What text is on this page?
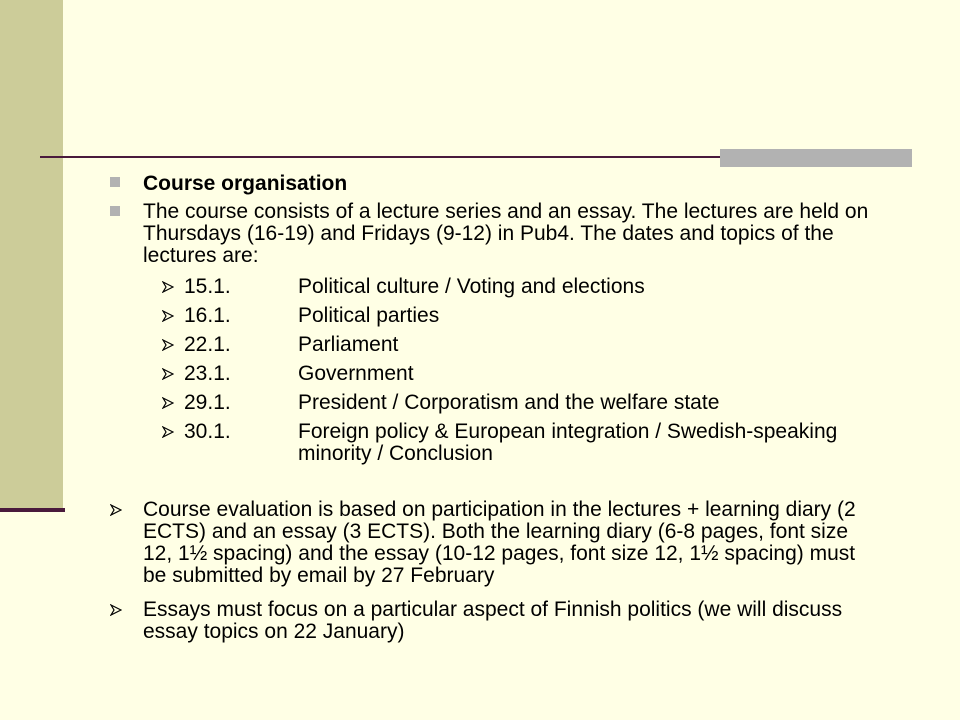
Course organisation
The course consists of a lecture series and an essay. The lectures are held on Thursdays (16-19) and Fridays (9-12) in Pub4. The dates and topics of the lectures are:
15.1.	Political culture / Voting and elections
16.1.	Political parties
22.1.	Parliament
23.1.	Government
29.1.	President / Corporatism and the welfare state
30.1.	Foreign policy & European integration / Swedish-speaking minority / Conclusion
Course evaluation is based on participation in the lectures + learning diary (2 ECTS) and an essay (3 ECTS). Both the learning diary (6-8 pages, font size 12, 1½ spacing) and the essay (10-12 pages, font size 12, 1½ spacing) must be submitted by email by 27 February
Essays must focus on a particular aspect of Finnish politics (we will discuss essay topics on 22 January)
